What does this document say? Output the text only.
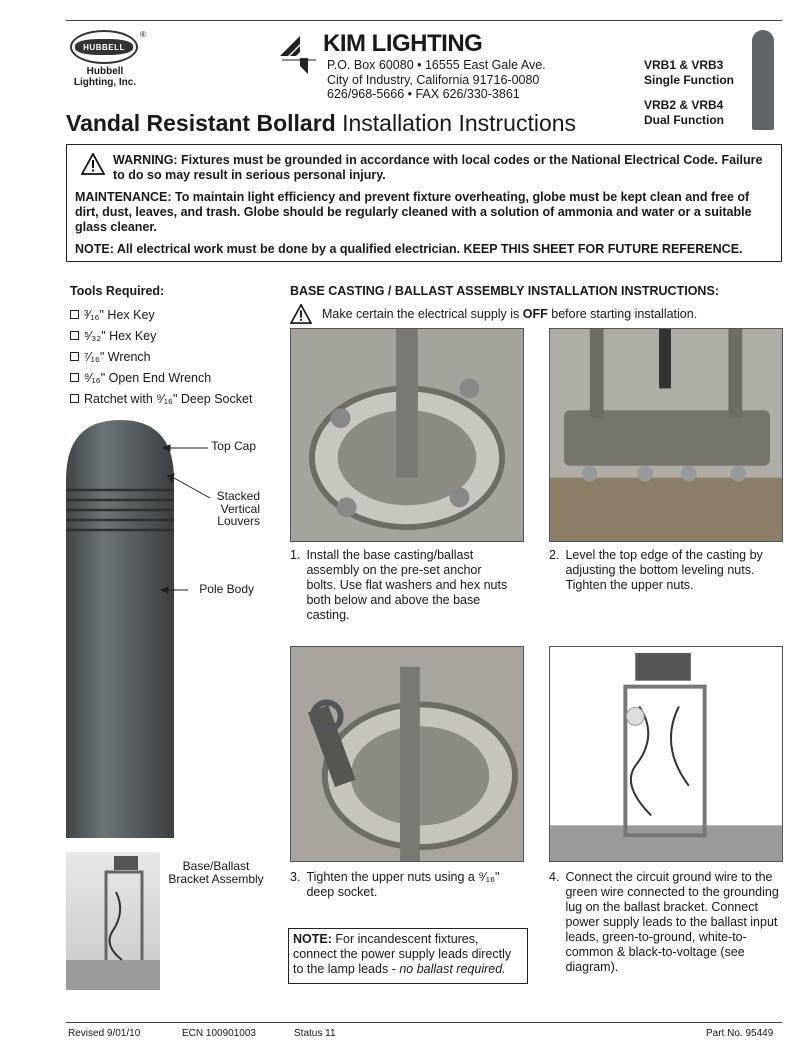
HUBBELL
®
Hubbell Lighting, Inc.
KIM LIGHTING
P.O. Box 60080 • 16555 East Gale Ave.
City of Industry, California 91716-0080
626/968-5666 • FAX 626/330-3861
VRB1 & VRB3
Single Function
VRB2 & VRB4
Dual Function
Vandal Resistant Bollard Installation Instructions

WARNING: Fixtures must be grounded in accordance with local codes or the National Electrical Code. Failure to do so may result in serious personal injury.

MAINTENANCE: To maintain light efficiency and prevent fixture overheating, globe must be kept clean and free of dirt, dust, leaves, and trash. Globe should be regularly cleaned with a solution of ammonia and water or a suitable glass cleaner.

NOTE: All electrical work must be done by a qualified electrician. KEEP THIS SHEET FOR FUTURE REFERENCE.

Tools Required:
³⁄₁₆" Hex Key
⁵⁄₃₂" Hex Key
⁷⁄₁₆" Wrench
⁹⁄₁₆" Open End Wrench
Ratchet with ⁹⁄₁₆" Deep Socket
Top Cap
Stacked Vertical Louvers
Pole Body
Base/Ballast Bracket Assembly
BASE CASTING / BALLAST ASSEMBLY INSTALLATION INSTRUCTIONS:
Make certain the electrical supply is OFF before starting installation.
1. Install the base casting/ballast assembly on the pre-set anchor bolts. Use flat washers and hex nuts both below and above the base casting.
2. Level the top edge of the casting by adjusting the bottom leveling nuts. Tighten the upper nuts.
3. Tighten the upper nuts using a ⁹⁄₁₆" deep socket.
4. Connect the circuit ground wire to the green wire connected to the grounding lug on the ballast bracket. Connect power supply leads to the ballast input leads, green-to-ground, white-to-common & black-to-voltage (see diagram).
NOTE: For incandescent fixtures, connect the power supply leads directly to the lamp leads - no ballast required.
Revised 9/01/10	ECN 100901003	Status 11	Part No. 95449
